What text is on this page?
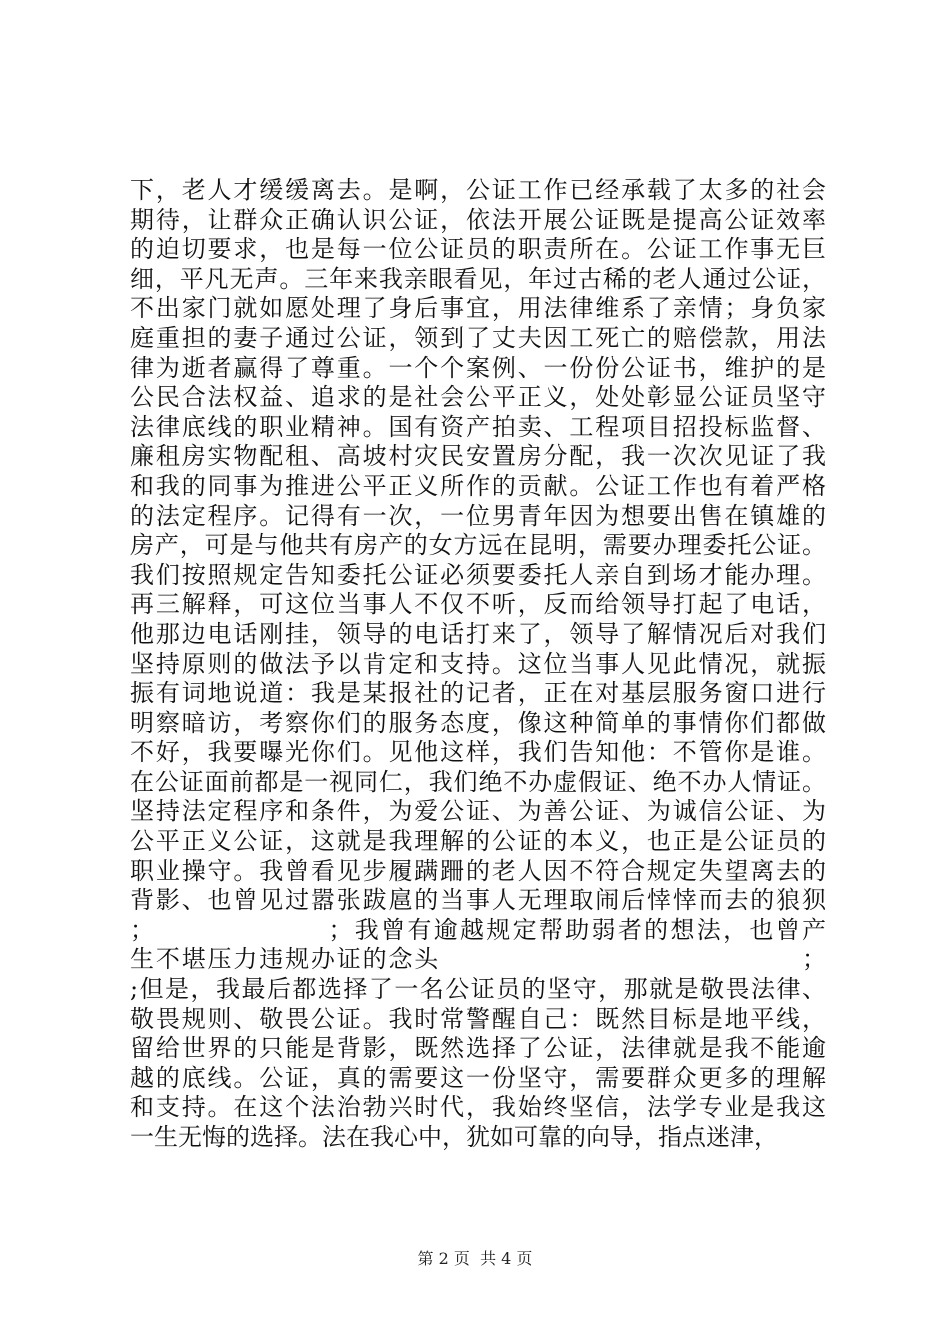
下，老人才缓缓离去。是啊，公证工作已经承载了太多的社会
期待，让群众正确认识公证，依法开展公证既是提高公证效率
的迫切要求，也是每一位公证员的职责所在。公证工作事无巨
细，平凡无声。三年来我亲眼看见，年过古稀的老人通过公证，
不出家门就如愿处理了身后事宜，用法律维系了亲情；身负家
庭重担的妻子通过公证，领到了丈夫因工死亡的赔偿款，用法
律为逝者赢得了尊重。一个个案例、一份份公证书，维护的是
公民合法权益、追求的是社会公平正义，处处彰显公证员坚守
法律底线的职业精神。国有资产拍卖、工程项目招投标监督、
廉租房实物配租、高坡村灾民安置房分配，我一次次见证了我
和我的同事为推进公平正义所作的贡献。公证工作也有着严格
的法定程序。记得有一次，一位男青年因为想要出售在镇雄的
房产，可是与他共有房产的女方远在昆明，需要办理委托公证。
我们按照规定告知委托公证必须要委托人亲自到场才能办理。
再三解释，可这位当事人不仅不听，反而给领导打起了电话，
他那边电话刚挂，领导的电话打来了，领导了解情况后对我们
坚持原则的做法予以肯定和支持。这位当事人见此情况，就振
振有词地说道：我是某报社的记者，正在对基层服务窗口进行
明察暗访，考察你们的服务态度，像这种简单的事情你们都做
不好，我要曝光你们。见他这样，我们告知他：不管你是谁。
在公证面前都是一视同仁，我们绝不办虚假证、绝不办人情证。
坚持法定程序和条件，为爱公证、为善公证、为诚信公证、为
公平正义公证，这就是我理解的公证的本义，也正是公证员的
职业操守。我曾看见步履蹒跚的老人因不符合规定失望离去的
背影、也曾见过嚣张跋扈的当事人无理取闹后悻悻而去的狼狈
；　　　　　　　；我曾有逾越规定帮助弱者的想法，也曾产
生不堪压力违规办证的念头　　　　　　　　　　　　　　；
;但是，我最后都选择了一名公证员的坚守，那就是敬畏法律、
敬畏规则、敬畏公证。我时常警醒自己：既然目标是地平线，
留给世界的只能是背影，既然选择了公证，法律就是我不能逾
越的底线。公证，真的需要这一份坚守，需要群众更多的理解
和支持。在这个法治勃兴时代，我始终坚信，法学专业是我这
一生无悔的选择。法在我心中，犹如可靠的向导，指点迷津，
第 2 页  共 4 页
